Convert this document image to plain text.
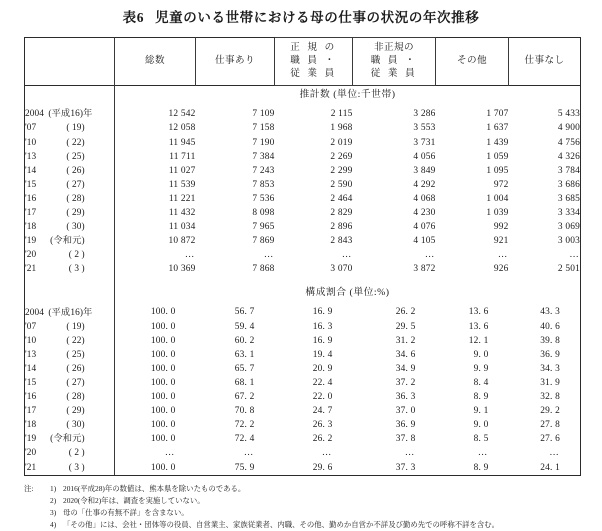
表6 児童のいる世帯における母の仕事の状況の年次推移
	総数	仕事あり	正 規 の
職 員 ・
従 業 員	非正規の
職 員 ・
従 業 員	その他	仕事なし
	推計数 (単位:千世帯)					

2004 (平成16)年	12 542	7 109	2 115	3 286	1 707	5 433
'07 ( 19)	12 058	7 158	1 968	3 553	1 637	4 900
'10 ( 22)	11 945	7 190	2 019	3 731	1 439	4 756
'13 ( 25)	11 711	7 384	2 269	4 056	1 059	4 326
'14 ( 26)	11 027	7 243	2 299	3 849	1 095	3 784
'15 ( 27)	11 539	7 853	2 590	4 292	972	3 686
'16 ( 28)	11 221	7 536	2 464	4 068	1 004	3 685
'17 ( 29)	11 432	8 098	2 829	4 230	1 039	3 334
'18 ( 30)	11 034	7 965	2 896	4 076	992	3 069
'19 (令和元)	10 872	7 869	2 843	4 105	921	3 003
'20 ( 2 )	…	…	…	…	…	…
'21 ( 3 )	10 369	7 868	3 070	3 872	926	2 501

	構成割合 (単位:%)					

2004 (平成16)年	100. 0	56. 7	16. 9	26. 2	13. 6	43. 3
'07 ( 19)	100. 0	59. 4	16. 3	29. 5	13. 6	40. 6
'10 ( 22)	100. 0	60. 2	16. 9	31. 2	12. 1	39. 8
'13 ( 25)	100. 0	63. 1	19. 4	34. 6	9. 0	36. 9
'14 ( 26)	100. 0	65. 7	20. 9	34. 9	9. 9	34. 3
'15 ( 27)	100. 0	68. 1	22. 4	37. 2	8. 4	31. 9
'16 ( 28)	100. 0	67. 2	22. 0	36. 3	8. 9	32. 8
'17 ( 29)	100. 0	70. 8	24. 7	37. 0	9. 1	29. 2
'18 ( 30)	100. 0	72. 2	26. 3	36. 9	9. 0	27. 8
'19 (令和元)	100. 0	72. 4	26. 2	37. 8	8. 5	27. 6
'20 ( 2 )	…	…	…	…	…	…
'21 ( 3 )	100. 0	75. 9	29. 6	37. 3	8. 9	24. 1
注: 1) 2016(平成28)年の数値は、熊本県を除いたものである。
2) 2020(令和2)年は、調査を実施していない。
3) 母の「仕事の有無不詳」を含まない。
4) 「その他」には、会社・団体等の役員、自営業主、家族従業者、内職、その他、勤めか自営か不詳及び勤め先での呼称不詳を含む。
